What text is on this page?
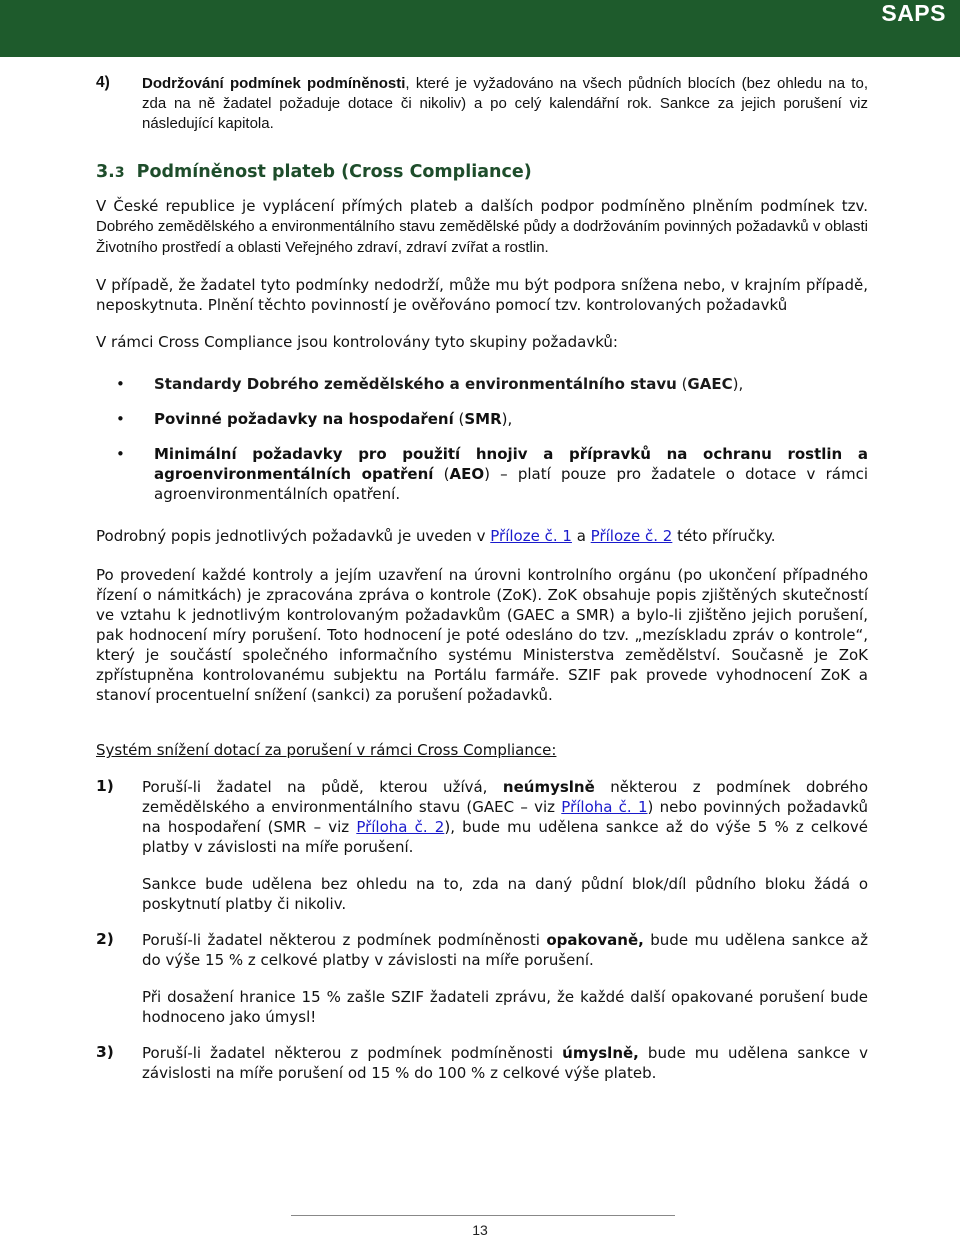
SAPS
4) Dodržování podmínek podmíněnosti, které je vyžadováno na všech půdních blocích (bez ohledu na to, zda na ně žadatel požaduje dotace či nikoliv) a po celý kalendářní rok. Sankce za jejich porušení viz následující kapitola.

3.3 Podmíněnost plateb (Cross Compliance)

V České republice je vyplácení přímých plateb a dalších podpor podmíněno plněním podmínek tzv. Dobrého zemědělského a environmentálního stavu zemědělské půdy a dodržováním povinných požadavků v oblasti Životního prostředí a oblasti Veřejného zdraví, zdraví zvířat a rostlin.

V případě, že žadatel tyto podmínky nedodrží, může mu být podpora snížena nebo, v krajním případě, neposkytnuta. Plnění těchto povinností je ověřováno pomocí tzv. kontrolovaných požadavků

V rámci Cross Compliance jsou kontrolovány tyto skupiny požadavků:

• Standardy Dobrého zemědělského a environmentálního stavu (GAEC),
• Povinné požadavky na hospodaření (SMR),
• Minimální požadavky pro použití hnojiv a přípravků na ochranu rostlin a agroenvironmentálních opatření (AEO) – platí pouze pro žadatele o dotace v rámci agroenvironmentálních opatření.

Podrobný popis jednotlivých požadavků je uveden v Příloze č. 1 a Příloze č. 2 této příručky.

Po provedení každé kontroly a jejím uzavření na úrovni kontrolního orgánu (po ukončení případného řízení o námitkách) je zpracována zpráva o kontrole (ZoK). ZoK obsahuje popis zjištěných skutečností ve vztahu k jednotlivým kontrolovaným požadavkům (GAEC a SMR) a bylo-li zjištěno jejich porušení, pak hodnocení míry porušení. Toto hodnocení je poté odesláno do tzv. „mezískladu zpráv o kontrole“, který je součástí společného informačního systému Ministerstva zemědělství. Současně je ZoK zpřístupněna kontrolovanému subjektu na Portálu farmáře. SZIF pak provede vyhodnocení ZoK a stanoví procentuelní snížení (sankci) za porušení požadavků.

Systém snížení dotací za porušení v rámci Cross Compliance:

1) Poruší-li žadatel na půdě, kterou užívá, neúmyslně některou z podmínek dobrého zemědělského a environmentálního stavu (GAEC – viz Příloha č. 1) nebo povinných požadavků na hospodaření (SMR – viz Příloha č. 2), bude mu udělena sankce až do výše 5 % z celkové platby v závislosti na míře porušení.

Sankce bude udělena bez ohledu na to, zda na daný půdní blok/díl půdního bloku žádá o poskytnutí platby či nikoliv.

2) Poruší-li žadatel některou z podmínek podmíněnosti opakovaně, bude mu udělena sankce až do výše 15 % z celkové platby v závislosti na míře porušení.

Při dosažení hranice 15 % zašle SZIF žadateli zprávu, že každé další opakované porušení bude hodnoceno jako úmysl!

3) Poruší-li žadatel některou z podmínek podmíněnosti úmyslně, bude mu udělena sankce v závislosti na míře porušení od 15 % do 100 % z celkové výše plateb.

13
